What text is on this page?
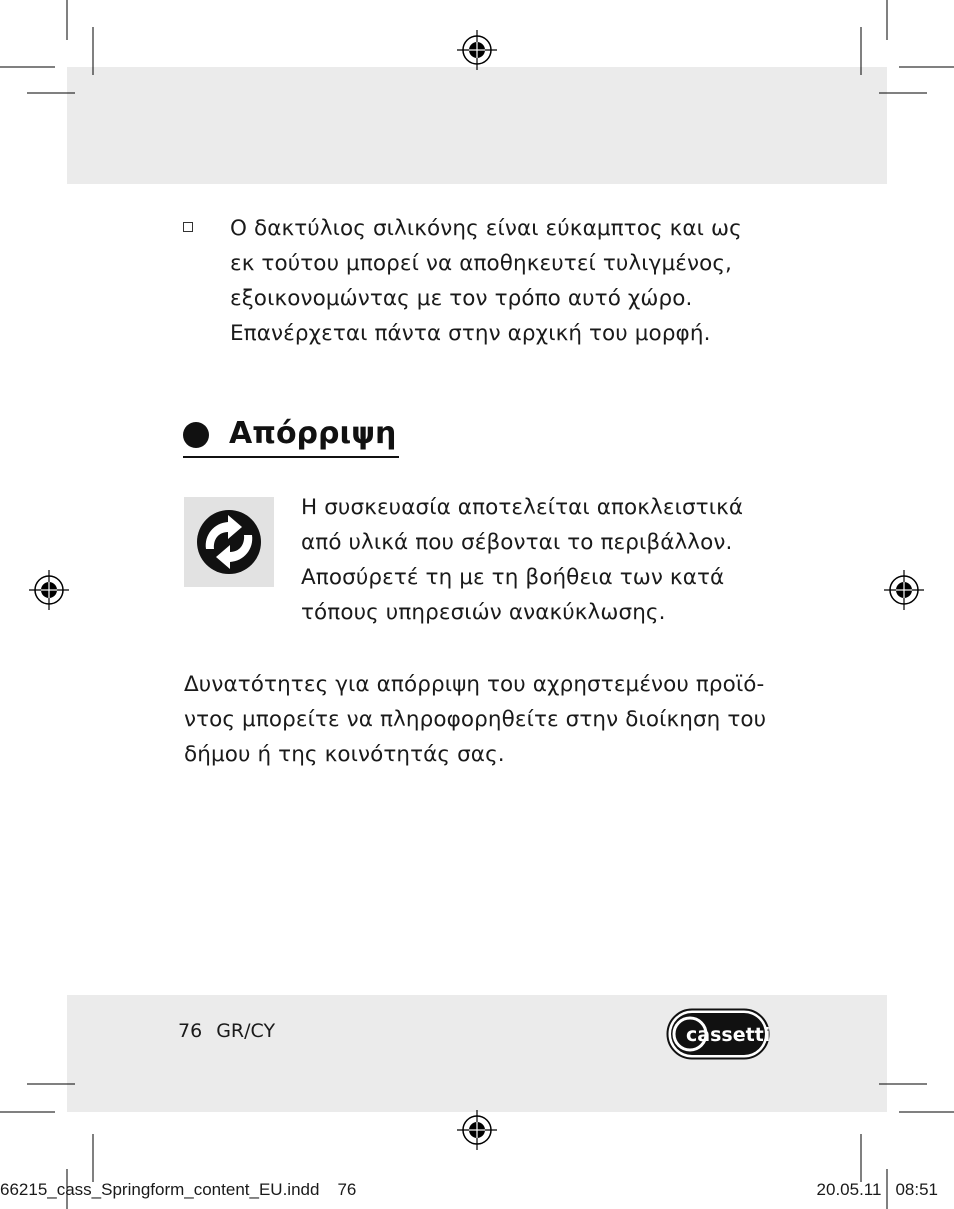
Ο δακτύλιος σιλικόνης είναι εύκαμπτος και ως

εκ τούτου μπορεί να αποθηκευτεί τυλιγμένος,

εξοικονομώντας με τον τρόπο αυτό χώρο.

Επανέρχεται πάντα στην αρχική του μορφή.

Απόρριψη

Η συσκευασία αποτελείται αποκλειστικά

από υλικά που σέβονται το περιβάλλον.

Αποσύρετέ τη με τη βοήθεια των κατά

τόπους υπηρεσιών ανακύκλωσης.

Δυνατότητες για απόρριψη του αχρηστεμένου προϊό-

ντος μπορείτε να πληροφορηθείτε στην διοίκηση του

δήμου ή της κοινότητάς σας.

76 GR/CY	cassetti
66215_cass_Springform_content_EU.indd 76	20.05.11 08:51
